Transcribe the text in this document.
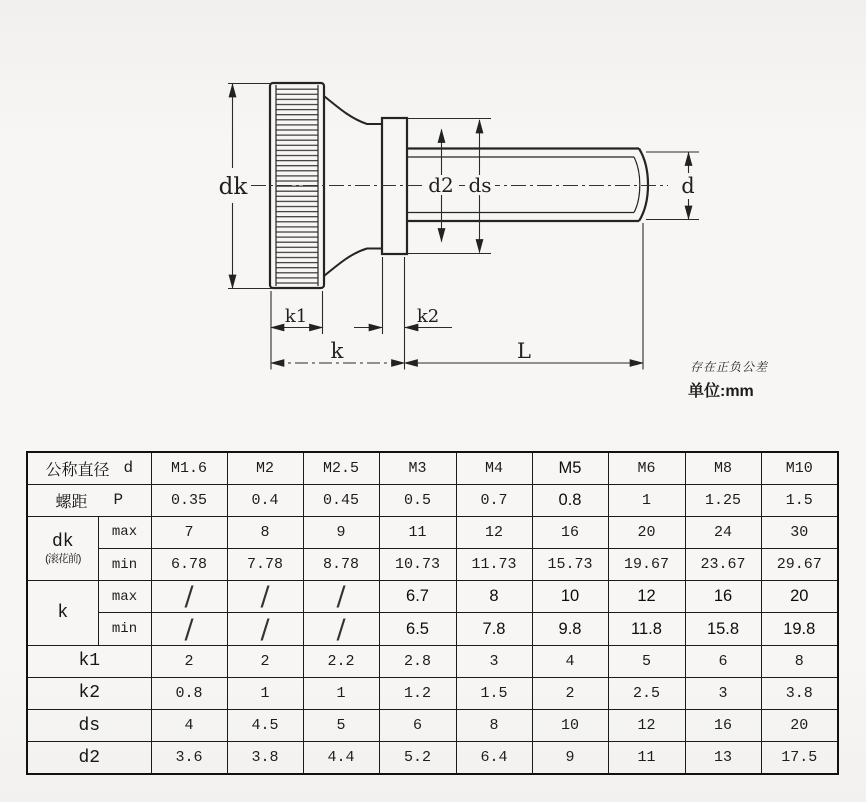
dk	d2 ds	d
k1	k2
k	L
存在正负公差
单位:mm
公称直径 d		M1.6	M2	M2.5	M3	M4	M5	M6	M8	M10

螺距 P		0.35	0.4	0.45	0.5	0.7	0.8	1	1.25	1.5
dk
(滚花前)	max	7	8	9	11	12	16	20	24	30
	min	6.78	7.78	8.78	10.73	11.73	15.73	19.67	23.67	29.67
k	max	/	/	/	6.7	8	10	12	16	20
	min	/	/	/	6.5	7.8	9.8	11.8	15.8	19.8
k1		2	2	2.2	2.8	3	4	5	6	8
k2		0.8	1	1	1.2	1.5	2	2.5	3	3.8
ds		4	4.5	5	6	8	10	12	16	20
d2		3.6	3.8	4.4	5.2	6.4	9	11	13	17.5
